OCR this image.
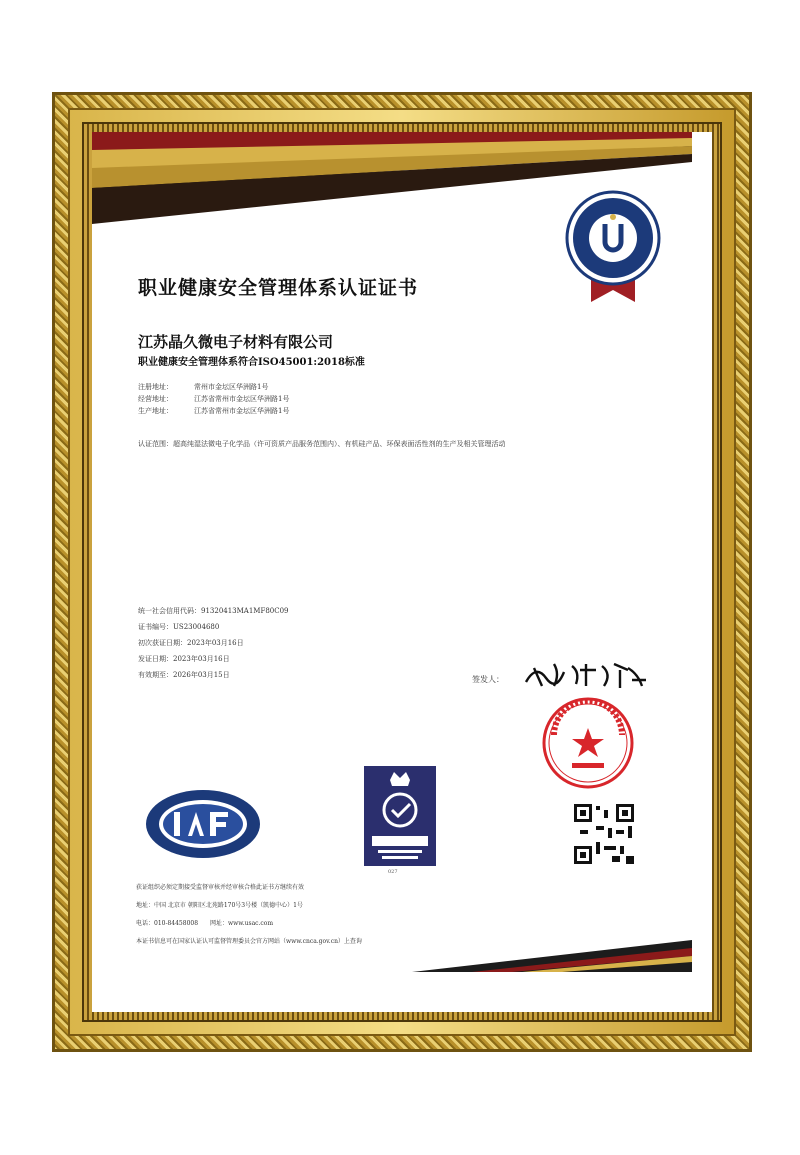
职业健康安全管理体系认证证书
江苏晶久微电子材料有限公司
职业健康安全管理体系符合ISO45001:2018标准
注册地址：	常州市金坛区华洲路1号
经营地址：	江苏省常州市金坛区华洲路1号
生产地址：	江苏省常州市金坛区华洲路1号
认证范围：超高纯湿法微电子化学品（许可资质产品服务范围内）、有机硅产品、环保表面活性剂的生产及相关管理活动
统一社会信用代码：91320413MA1MF80C09
证书编号：US23004680
初次获证日期：2023年03月16日
发证日期：2023年03月16日
有效期至：2026年03月15日	签发人：
027
获证组织必须定期接受监督审核并经审核合格此证书方继续有效
地址：中国 北京市 朝阳区北苑路170号3号楼（凯德中心）1号
电话：010-84458008　　网址：www.usac.com
本证书信息可在国家认证认可监督管理委员会官方网站（www.cnca.gov.cn）上查询
